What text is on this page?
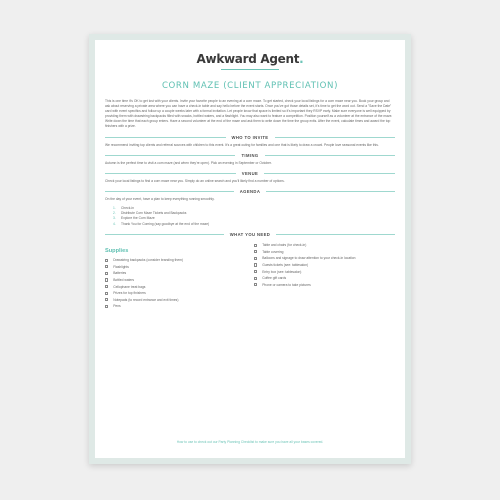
Awkward Agent.
CORN MAZE (CLIENT APPRECIATION)

This is one time it's OK to get lost with your clients. Invite your favorite people to an evening at a corn maze. To get started, check your local listings for a corn maze near you. Book your group and ask about reserving a private area where you can have a check-in table and say hello before the event starts. Once you've got those details set, it's time to get the word out. Send a "Save the Date" card with event specifics and follow up a couple weeks later with a formal invitation. Let people know that space is limited so it's important they RSVP early. Make sure everyone is well equipped by providing them with drawstring backpacks filled with snacks, bottled waters, and a flashlight. You may also want to feature a competition. Position yourself as a volunteer at the entrance of the maze. Write down the time that each group enters. Have a second volunteer at the end of the maze and ask them to write down the time the group exits. After the event, calculate times and award the top finishers with a prize.

WHO TO INVITE

We recommend inviting top clients and referral sources with children to this event. It's a great outing for families and one that is likely to draw a crowd. People love seasonal events like this.

TIMING

Autumn is the perfect time to visit a corn maze (and when they're open). Pick an evening in September or October.

VENUE

Check your local listings to find a corn maze near you. Simply do an online search and you'll likely find a number of options.

AGENDA

On the day of your event, have a plan to keep everything running smoothly.

1.	Check-in
2.	Distribute Corn Maze Tickets and Backpacks
3.	Explore the Corn Maze
4.	Thank You for Coming (say goodbye at the end of the maze)
WHAT YOU NEED
Supplies
Drawstring backpacks (consider branding them)
Flashlights
Batteries
Bottled waters
Cellophane treat bags
Prizes for top finishers
Notepads (to record entrance and exit times)
Pens
Table and chairs (for check-in)
Table covering
Balloons and signage to draw attention to your check-in location
Guests tickets (see: tablesalon)
Entry box (see: tablesalon)
Coffee gift cards
Phone or camera to take pictures
How to use to check out our Party Planning Checklist to make sure you have all your bases covered.
